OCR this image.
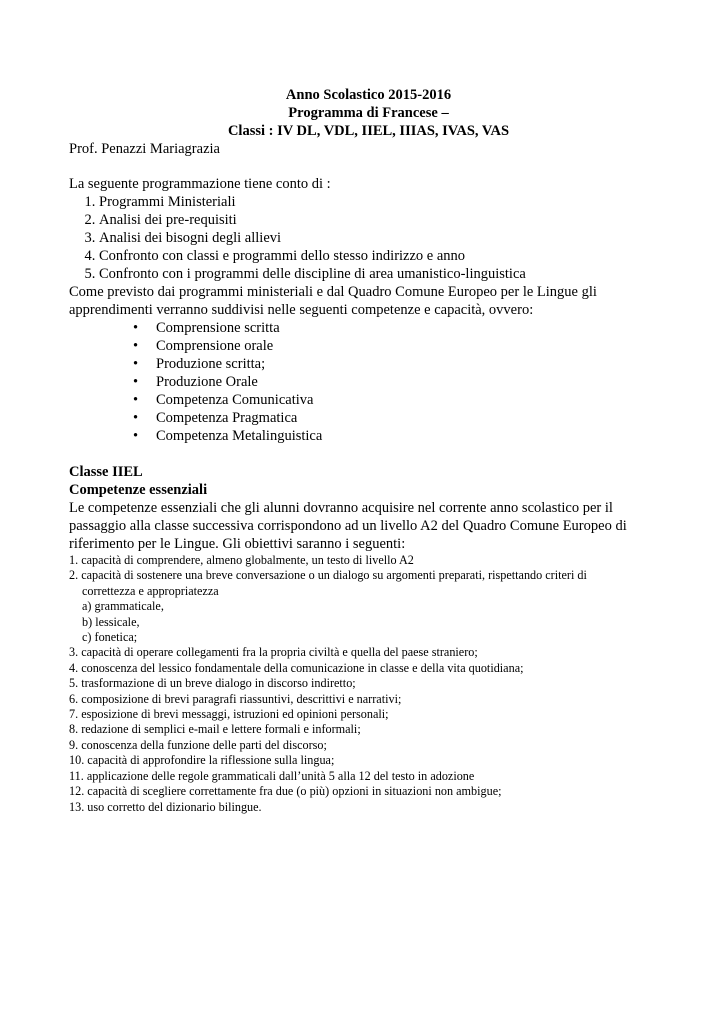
Anno Scolastico 2015-2016
Programma di Francese –
Classi : IV DL, VDL, IIEL, IIIAS, IVAS, VAS
Prof. Penazzi Mariagrazia
La seguente programmazione tiene conto di :
1. Programmi Ministeriali
2. Analisi dei pre-requisiti
3. Analisi dei bisogni degli allievi
4. Confronto con classi e programmi dello stesso indirizzo e anno
5. Confronto con i programmi delle discipline di area umanistico-linguistica
Come previsto dai programmi ministeriali e dal Quadro Comune Europeo per le Lingue gli
apprendimenti verranno suddivisi nelle seguenti competenze e capacità, ovvero:
• Comprensione scritta
• Comprensione orale
• Produzione scritta;
• Produzione Orale
• Competenza Comunicativa
• Competenza Pragmatica
• Competenza Metalinguistica
Classe IIEL
Competenze essenziali
Le competenze essenziali che gli alunni dovranno acquisire nel corrente anno scolastico per il
passaggio alla classe successiva corrispondono ad un livello A2 del Quadro Comune Europeo di
riferimento per le Lingue. Gli obiettivi saranno i seguenti:
1. capacità di comprendere, almeno globalmente, un testo di livello A2
2. capacità di sostenere una breve conversazione o un dialogo su argomenti preparati, rispettando criteri di
correttezza e appropriatezza
a) grammaticale,
b) lessicale,
c) fonetica;
3. capacità di operare collegamenti fra la propria civiltà e quella del paese straniero;
4. conoscenza del lessico fondamentale della comunicazione in classe e della vita quotidiana;
5. trasformazione di un breve dialogo in discorso indiretto;
6. composizione di brevi paragrafi riassuntivi, descrittivi e narrativi;
7. esposizione di brevi messaggi, istruzioni ed opinioni personali;
8. redazione di semplici e-mail e lettere formali e informali;
9. conoscenza della funzione delle parti del discorso;
10. capacità di approfondire la riflessione sulla lingua;
11. applicazione delle regole grammaticali dall’unità 5 alla 12 del testo in adozione
12. capacità di scegliere correttamente fra due (o più) opzioni in situazioni non ambigue;
13. uso corretto del dizionario bilingue.
